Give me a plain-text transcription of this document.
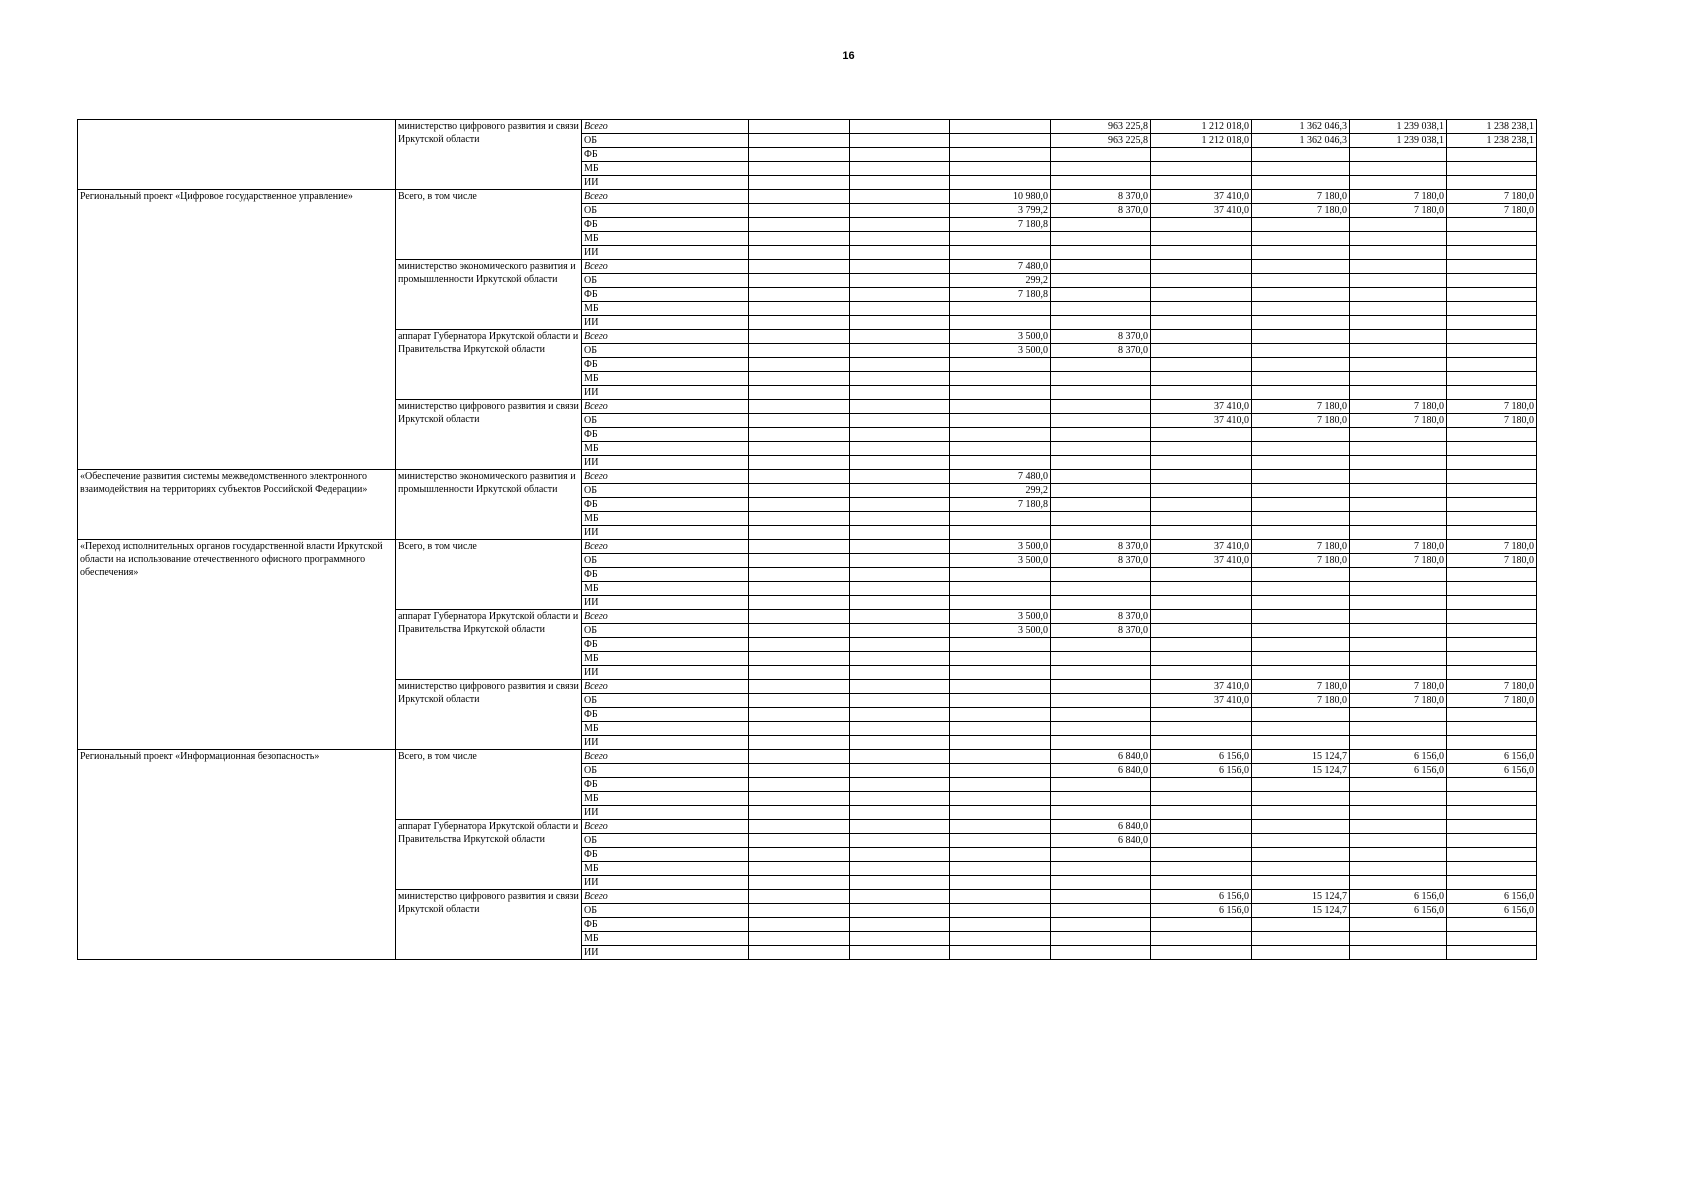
16
	министерство цифрового развития и связи Иркутской области	Всего				963 225,8	1 212 018,0	1 362 046,3	1 239 038,1	1 238 238,1	
		ОБ				963 225,8	1 212 018,0	1 362 046,3	1 239 038,1	1 238 238,1	
		ФБ									
		МБ									
		ИИ									
Региональный проект «Цифровое государственное управление»	Всего, в том числе	Всего			10 980,0	8 370,0	37 410,0	7 180,0	7 180,0	7 180,0	
		ОБ			3 799,2	8 370,0	37 410,0	7 180,0	7 180,0	7 180,0	
		ФБ			7 180,8						
		МБ									
		ИИ									
	министерство экономического развития и промышленности Иркутской области	Всего			7 480,0						
		ОБ			299,2						
		ФБ			7 180,8						
		МБ									
		ИИ									
	аппарат Губернатора Иркутской области и Правительства Иркутской области	Всего			3 500,0	8 370,0					
		ОБ			3 500,0	8 370,0					
		ФБ									
		МБ									
		ИИ									
	министерство цифрового развития и связи Иркутской области	Всего					37 410,0	7 180,0	7 180,0	7 180,0	
		ОБ					37 410,0	7 180,0	7 180,0	7 180,0	
		ФБ									
		МБ									
		ИИ									
«Обеспечение развития системы межведомственного электронного взаимодействия на территориях субъектов Российской Федерации»	министерство экономического развития и промышленности Иркутской области	Всего			7 480,0						
		ОБ			299,2						
		ФБ			7 180,8						
		МБ									
		ИИ									
«Переход исполнительных органов государственной власти Иркутской области на использование отечественного офисного программного обеспечения»	Всего, в том числе	Всего			3 500,0	8 370,0	37 410,0	7 180,0	7 180,0	7 180,0	
		ОБ			3 500,0	8 370,0	37 410,0	7 180,0	7 180,0	7 180,0	
		ФБ									
		МБ									
		ИИ									
	аппарат Губернатора Иркутской области и Правительства Иркутской области	Всего			3 500,0	8 370,0					
		ОБ			3 500,0	8 370,0					
		ФБ									
		МБ									
		ИИ									
	министерство цифрового развития и связи Иркутской области	Всего					37 410,0	7 180,0	7 180,0	7 180,0	
		ОБ					37 410,0	7 180,0	7 180,0	7 180,0	
		ФБ									
		МБ									
		ИИ									
Региональный проект «Информационная безопасность»	Всего, в том числе	Всего				6 840,0	6 156,0	15 124,7	6 156,0	6 156,0	
		ОБ				6 840,0	6 156,0	15 124,7	6 156,0	6 156,0	
		ФБ									
		МБ									
		ИИ									
	аппарат Губернатора Иркутской области и Правительства Иркутской области	Всего				6 840,0					
		ОБ				6 840,0					
		ФБ									
		МБ									
		ИИ									
	министерство цифрового развития и связи Иркутской области	Всего					6 156,0	15 124,7	6 156,0	6 156,0	
		ОБ					6 156,0	15 124,7	6 156,0	6 156,0	
		ФБ									
		МБ									
		ИИ									
